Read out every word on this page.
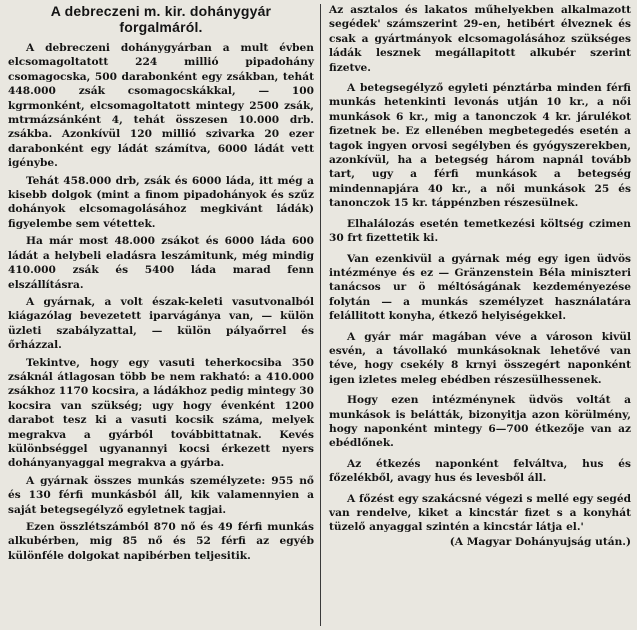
A debreczeni m. kir. dohánygyár forgalmáról.

A debreczeni dohánygyárban a mult évben elcsomagoltatott 224 millió pipadohány csomagocska, 500 darabonként egy zsákban, tehát 448.000 zsák csomagocskákkal, — 100 kgrmonként, elcsomagoltatott mintegy 2500 zsák, mtrmázsánként 4, tehát összesen 10.000 drb. zsákba. Azonkívül 120 millió szivarka 20 ezer darabonként egy ládát számítva, 6000 ládát vett igénybe.

Tehát 458.000 drb, zsák és 6000 láda, itt még a kisebb dolgok (mint a finom pipadohányok és szűz dohányok elcsomagolásához megkivánt ládák) figyelembe sem vétettek.

Ha már most 48.000 zsákot és 6000 láda 600 ládát a helybeli eladásra leszámitunk, még mindig 410.000 zsák és 5400 láda marad fenn elszállításra.

A gyárnak, a volt észak-keleti vasutvonalból kiágazólag bevezetett iparvágánya van, — külön üzleti szabályzattal, — külön pályaőrrel és őrházzal.

Tekintve, hogy egy vasuti teherkocsiba 350 zsáknál átlagosan több be nem rakható: a 410.000 zsákhoz 1170 kocsira, a ládákhoz pedig mintegy 30 kocsira van szükség; ugy hogy évenként 1200 darabot tesz ki a vasuti kocsik száma, melyek megrakva a gyárból továbbittatnak. Kevés különbséggel ugyanannyi kocsi érkezett nyers dohányanyaggal megrakva a gyárba.

A gyárnak összes munkás személyzete: 955 nő és 130 férfi munkásból áll, kik valamennyien a saját betegsegélyző egyletnek tagjai.

Ezen összlétszámból 870 nő és 49 férfi munkás alkubérben, mig 85 nő és 52 férfi az egyéb különféle dolgokat napibérben teljesitik.

Az asztalos és lakatos műhelyekben alkalmazott segédek' számszerint 29-en, hetibért élveznek és csak a gyártmányok elcsomagolásához szükséges ládák lesznek megállapitott alkubér szerint fizetve.

A betegsegélyző egyleti pénztárba minden férfi munkás hetenkinti levonás utján 10 kr., a női munkások 6 kr., mig a tanonczok 4 kr. járulékot fizetnek be. Ez ellenében megbetegedés esetén a tagok ingyen orvosi segélyben és gyógyszerekben, azonkívül, ha a betegség három napnál tovább tart, ugy a férfi munkások a betegség mindennapjára 40 kr., a női munkások 25 és tanonczok 15 kr. táppénzben részesülnek.

Elhalálozás esetén temetkezési költség czimen 30 frt fizettetik ki.

Van ezenkivül a gyárnak még egy igen üdvös intézménye és ez — Gränzenstein Béla miniszteri tanácsos ur ö méltóságának kezdeményezése folytán — a munkás személyzet használatára felállitott konyha, étkező helyiségekkel.

A gyár már magában véve a városon kivül esvén, a távollakó munkásoknak lehetővé van téve, hogy csekély 8 krnyi összegért naponként igen izletes meleg ebédben részesülhessenek.

Hogy ezen intézménynek üdvös voltát a munkások is belátták, bizonyitja azon körülmény, hogy naponként mintegy 6—700 étkezője van az ebédlőnek.

Az étkezés naponként felváltva, hus és főzelékből, avagy hus és levesből áll.

A főzést egy szakácsné végezi s mellé egy segéd van rendelve, kiket a kincstár fizet s a konyhát tüzelő anyaggal szintén a kincstár látja el.'
(A Magyar Dohányujság után.)
